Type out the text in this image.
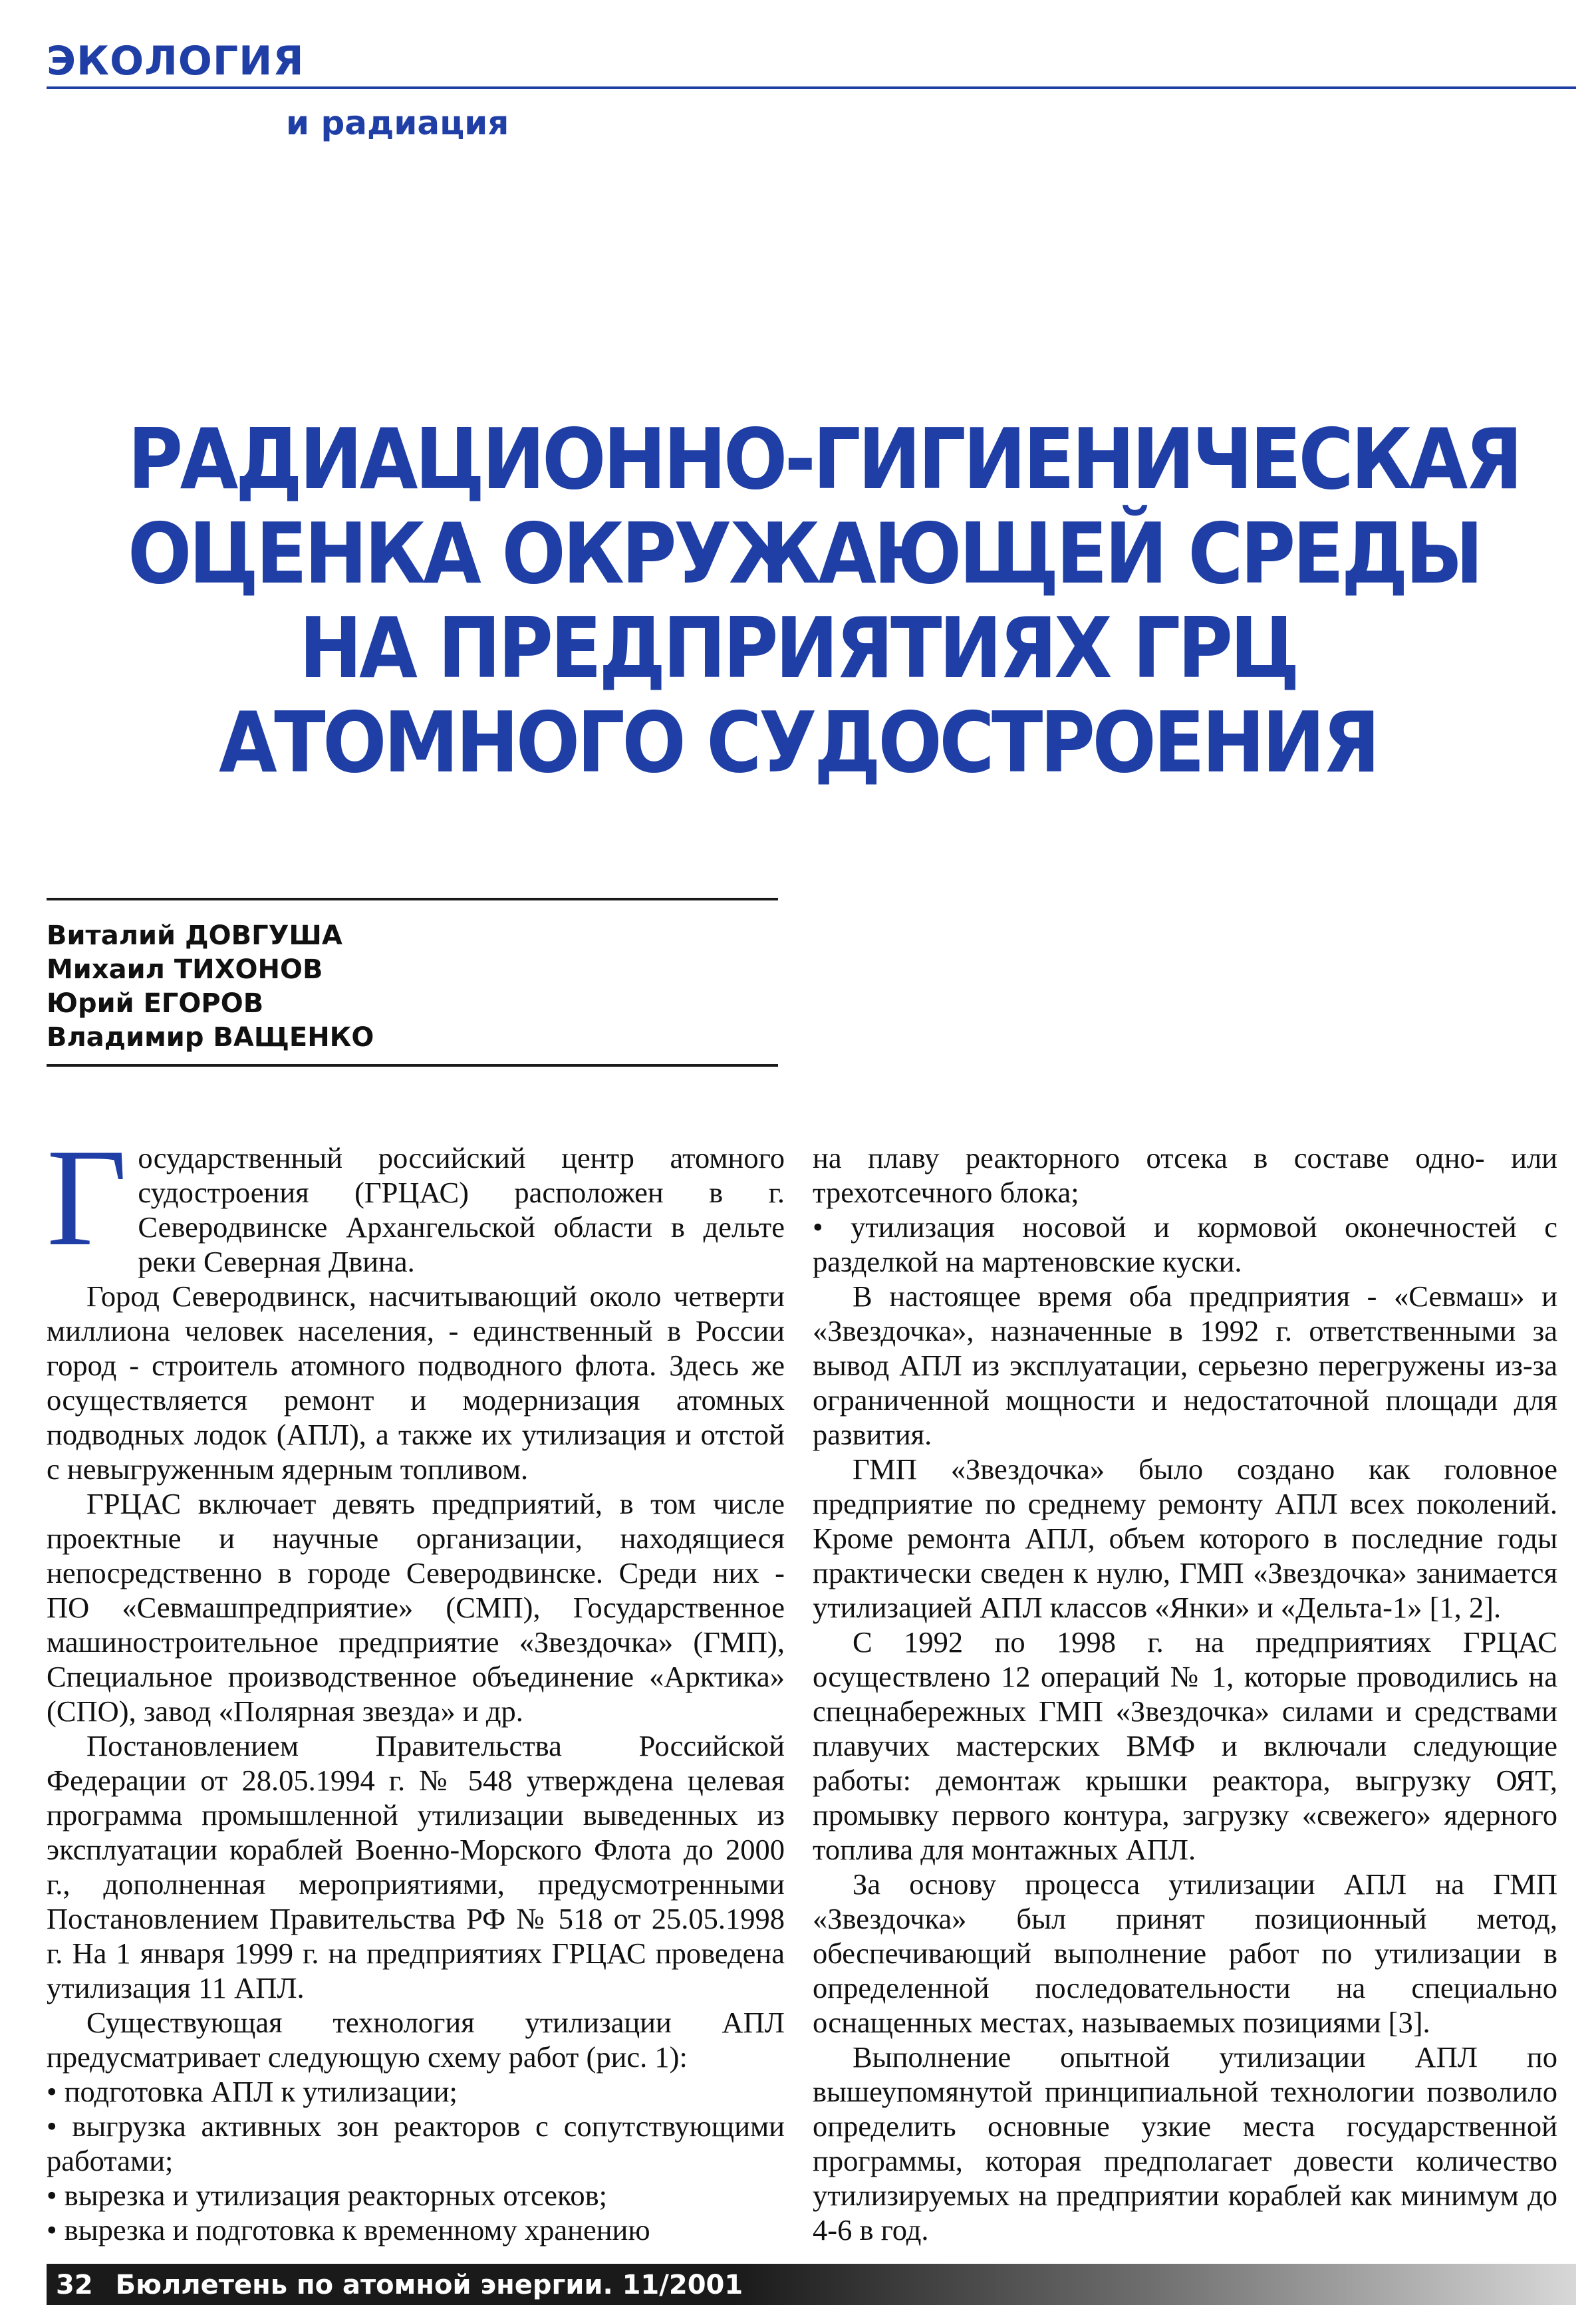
ЭКОЛОГИЯ
и радиация
РАДИАЦИОННО-ГИГИЕНИЧЕСКАЯ
ОЦЕНКА ОКРУЖАЮЩЕЙ СРЕДЫ
НА ПРЕДПРИЯТИЯХ ГРЦ
АТОМНОГО СУДОСТРОЕНИЯ
Виталий ДОВГУША
Михаил ТИХОНОВ
Юрий ЕГОРОВ
Владимир ВАЩЕНКО

Государственный российский центр атомного судостроения (ГРЦАС) расположен в г. Северодвинске Архангельской области в дельте реки Северная Двина.

Город Северодвинск, насчитывающий около четверти миллиона человек населения, - единственный в России город - строитель атомного подводного флота. Здесь же осуществляется ремонт и модернизация атомных подводных лодок (АПЛ), а также их утилизация и отстой с невыгруженным ядерным топливом.

ГРЦАС включает девять предприятий, в том числе проектные и научные организации, находящиеся непосредственно в городе Северодвинске. Среди них - ПО «Севмашпредприятие» (СМП), Государственное машиностроительное предприятие «Звездочка» (ГМП), Специальное производственное объединение «Арктика» (СПО), завод «Полярная звезда» и др.

Постановлением Правительства Российской Федерации от 28.05.1994 г. № 548 утверждена целевая программа промышленной утилизации выведенных из эксплуатации кораблей Военно-Морского Флота до 2000 г., дополненная мероприятиями, предусмотренными Постановлением Правительства РФ № 518 от 25.05.1998 г. На 1 января 1999 г. на предприятиях ГРЦАС проведена утилизация 11 АПЛ.

Существующая технология утилизации АПЛ предусматривает следующую схему работ (рис. 1):

• подготовка АПЛ к утилизации;

• выгрузка активных зон реакторов с сопутствующими работами;

• вырезка и утилизация реакторных отсеков;

• вырезка и подготовка к временному хранению

на плаву реакторного отсека в составе одно- или трехотсечного блока;

• утилизация носовой и кормовой оконечностей с разделкой на мартеновские куски.

В настоящее время оба предприятия - «Севмаш» и «Звездочка», назначенные в 1992 г. ответственными за вывод АПЛ из эксплуатации, серьезно перегружены из-за ограниченной мощности и недостаточной площади для развития.

ГМП «Звездочка» было создано как головное предприятие по среднему ремонту АПЛ всех поколений. Кроме ремонта АПЛ, объем которого в последние годы практически сведен к нулю, ГМП «Звездочка» занимается утилизацией АПЛ классов «Янки» и «Дельта-1» [1, 2].

С 1992 по 1998 г. на предприятиях ГРЦАС осуществлено 12 операций № 1, которые проводились на спецнабережных ГМП «Звездочка» силами и средствами плавучих мастерских ВМФ и включали следующие работы: демонтаж крышки реактора, выгрузку ОЯТ, промывку первого контура, загрузку «свежего» ядерного топлива для монтажных АПЛ.

За основу процесса утилизации АПЛ на ГМП «Звездочка» был принят позиционный метод, обеспечивающий выполнение работ по утилизации в определенной последовательности на специально оснащенных местах, называемых позициями [3].

Выполнение опытной утилизации АПЛ по вышеупомянутой принципиальной технологии позволило определить основные узкие места государственной программы, которая предполагает довести количество утилизируемых на предприятии кораблей как минимум до 4-6 в год.

32 Бюллетень по атомной энергии. 11/2001
